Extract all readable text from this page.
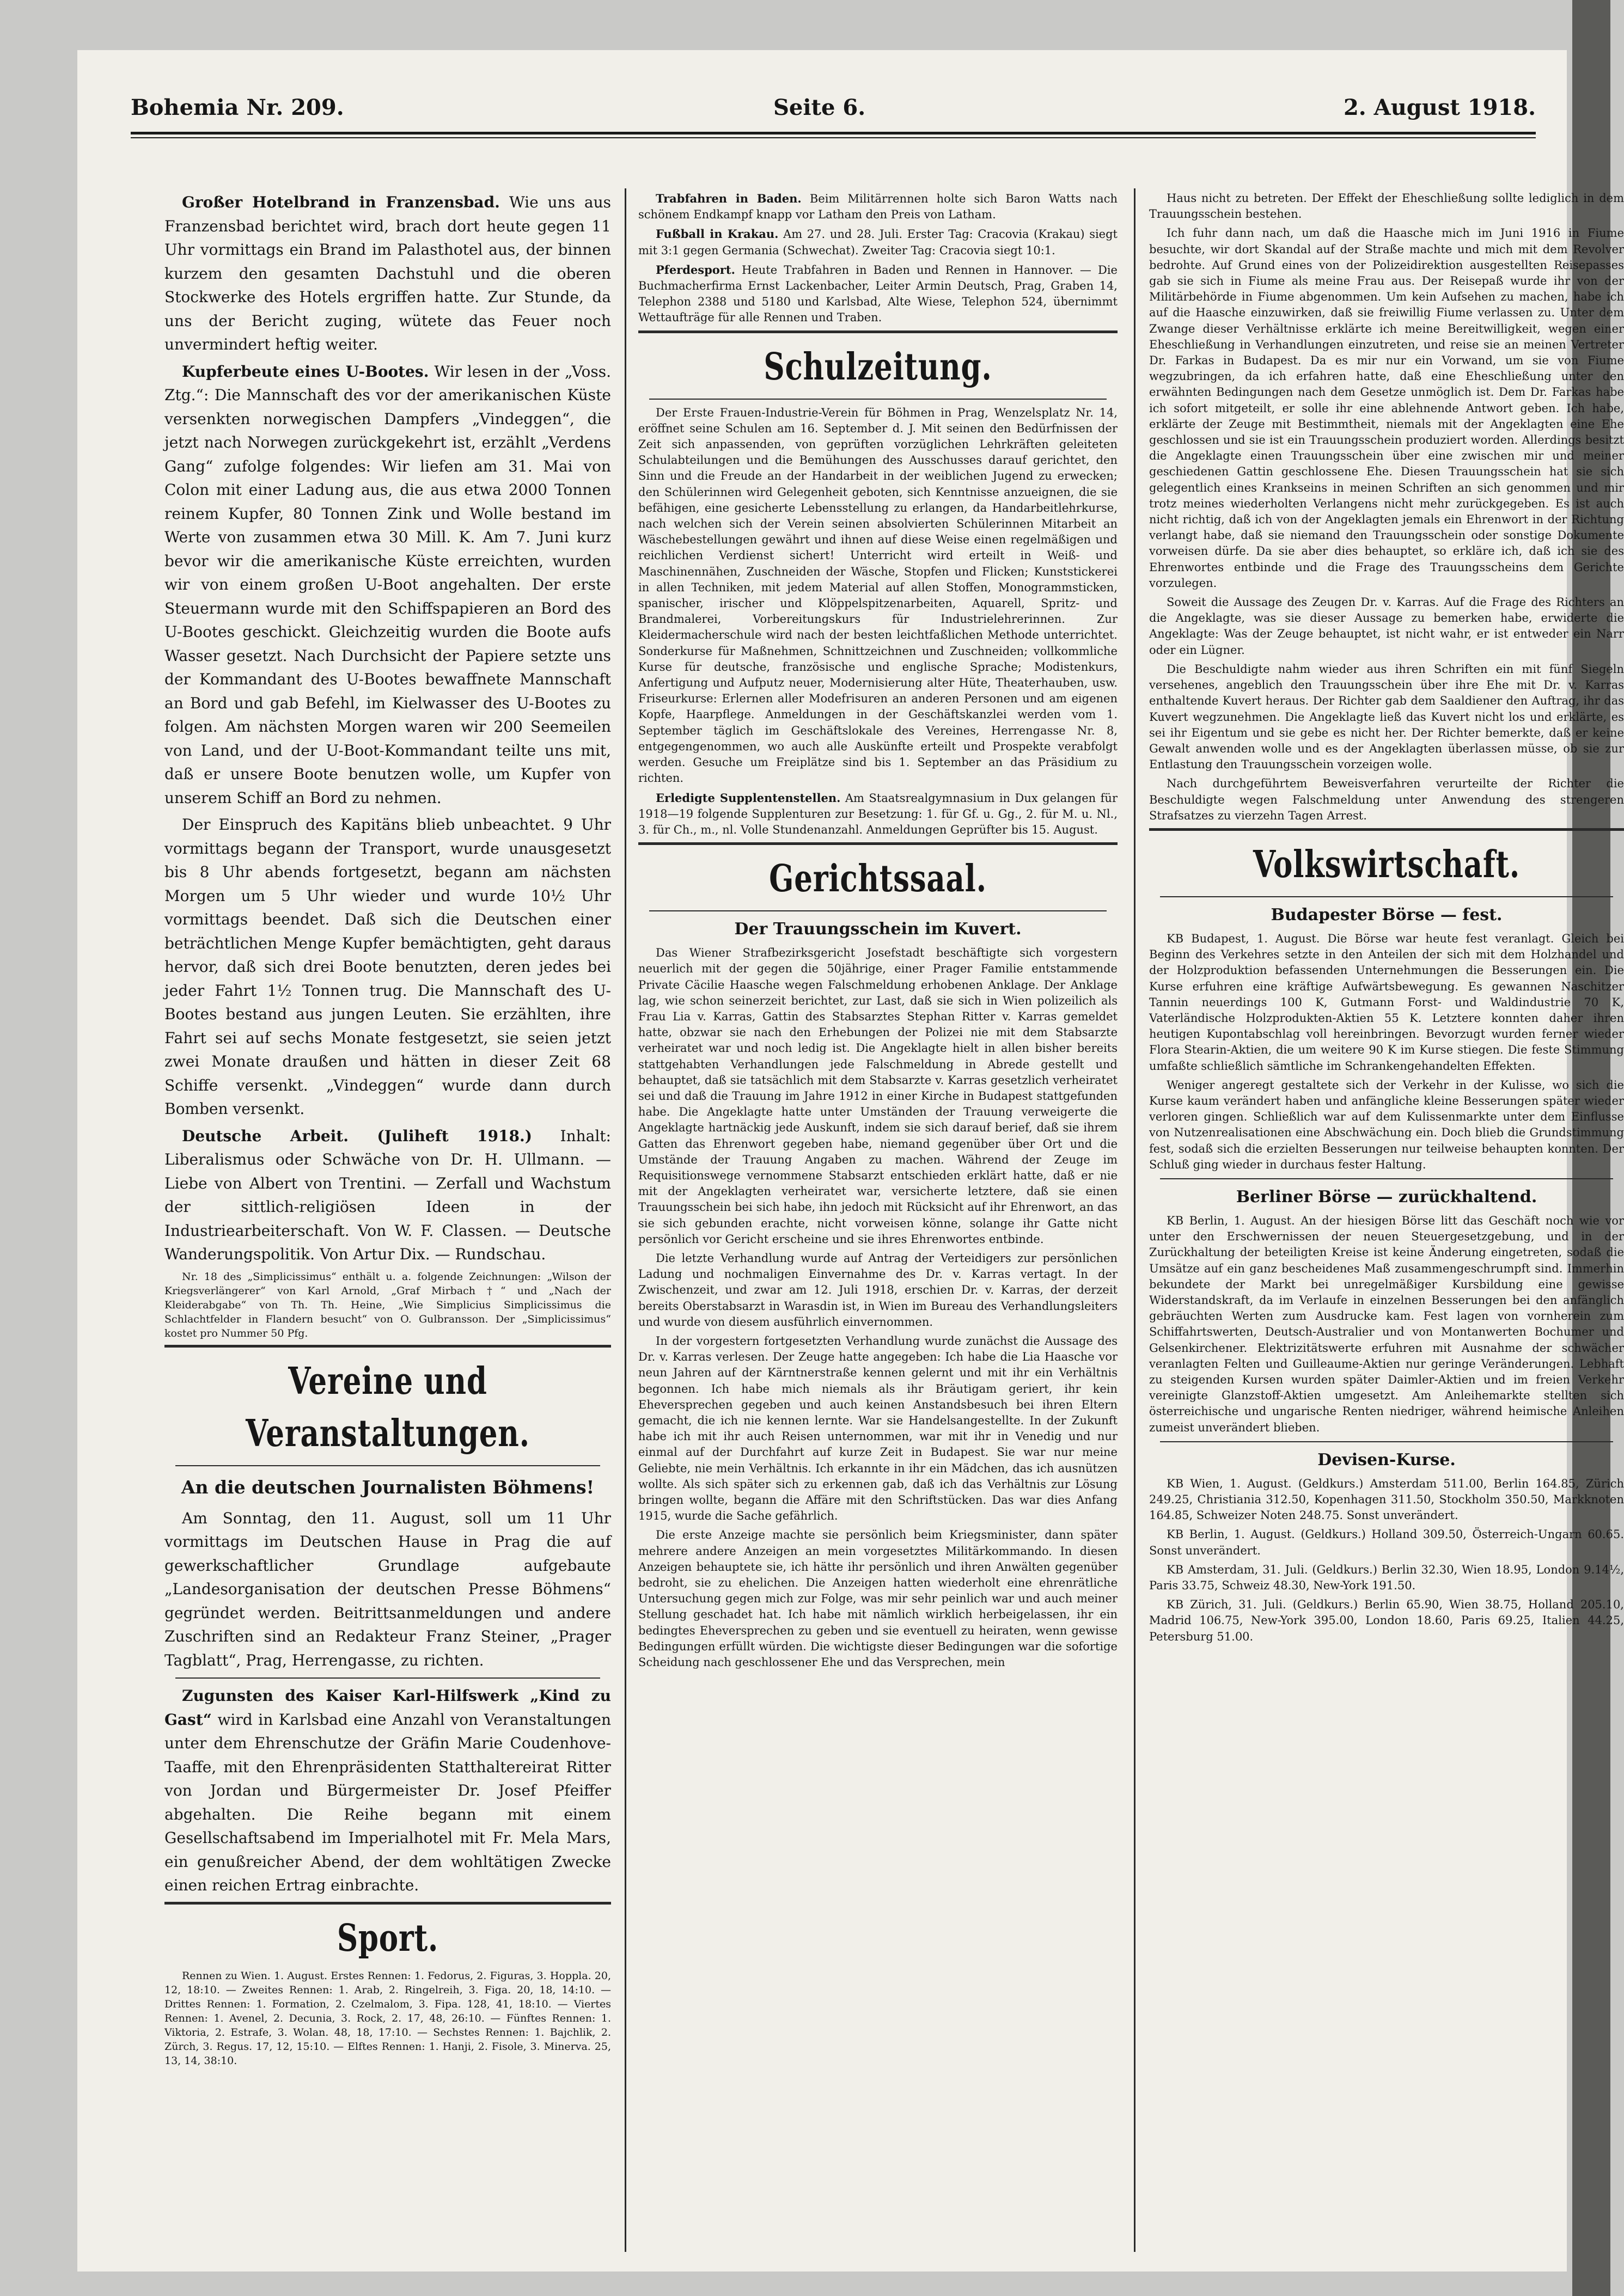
Bohemia Nr. 209.	Seite 6.	2. August 1918.

Großer Hotelbrand in Franzensbad. Wie uns aus Franzensbad berichtet wird, brach dort heute gegen 11 Uhr vormittags ein Brand im Palasthotel aus, der binnen kurzem den gesamten Dachstuhl und die oberen Stockwerke des Hotels ergriffen hatte. Zur Stunde, da uns der Bericht zuging, wütete das Feuer noch unvermindert heftig weiter.

Kupferbeute eines U-Bootes. Wir lesen in der „Voss. Ztg.“: Die Mannschaft des vor der amerikanischen Küste versenkten norwegischen Dampfers „Vindeggen“, die jetzt nach Norwegen zurückgekehrt ist, erzählt „Verdens Gang“ zufolge folgendes: Wir liefen am 31. Mai von Colon mit einer Ladung aus, die aus etwa 2000 Tonnen reinem Kupfer, 80 Tonnen Zink und Wolle bestand im Werte von zusammen etwa 30 Mill. K. Am 7. Juni kurz bevor wir die amerikanische Küste erreichten, wurden wir von einem großen U-Boot angehalten. Der erste Steuermann wurde mit den Schiffspapieren an Bord des U-Bootes geschickt. Gleichzeitig wurden die Boote aufs Wasser gesetzt. Nach Durchsicht der Papiere setzte uns der Kommandant des U-Bootes bewaffnete Mannschaft an Bord und gab Befehl, im Kielwasser des U-Bootes zu folgen. Am nächsten Morgen waren wir 200 Seemeilen von Land, und der U-Boot-Kommandant teilte uns mit, daß er unsere Boote benutzen wolle, um Kupfer von unserem Schiff an Bord zu nehmen.

Der Einspruch des Kapitäns blieb unbeachtet. 9 Uhr vormittags begann der Transport, wurde unausgesetzt bis 8 Uhr abends fortgesetzt, begann am nächsten Morgen um 5 Uhr wieder und wurde 10½ Uhr vormittags beendet. Daß sich die Deutschen einer beträchtlichen Menge Kupfer bemächtigten, geht daraus hervor, daß sich drei Boote benutzten, deren jedes bei jeder Fahrt 1½ Tonnen trug. Die Mannschaft des U-Bootes bestand aus jungen Leuten. Sie erzählten, ihre Fahrt sei auf sechs Monate festgesetzt, sie seien jetzt zwei Monate draußen und hätten in dieser Zeit 68 Schiffe versenkt. „Vindeggen“ wurde dann durch Bomben versenkt.

Deutsche Arbeit. (Juliheft 1918.) Inhalt: Liberalismus oder Schwäche von Dr. H. Ullmann. — Liebe von Albert von Trentini. — Zerfall und Wachstum der sittlich-religiösen Ideen in der Industriearbeiterschaft. Von W. F. Classen. — Deutsche Wanderungspolitik. Von Artur Dix. — Rundschau.

Nr. 18 des „Simplicissimus“ enthält u. a. folgende Zeichnungen: „Wilson der Kriegsverlängerer“ von Karl Arnold, „Graf Mirbach †“ und „Nach der Kleiderabgabe“ von Th. Th. Heine, „Wie Simplicius Simplicissimus die Schlachtfelder in Flandern besucht“ von O. Gulbransson. Der „Simplicissimus“ kostet pro Nummer 50 Pfg.

Vereine und Veranstaltungen.
An die deutschen Journalisten Böhmens!

Am Sonntag, den 11. August, soll um 11 Uhr vormittags im Deutschen Hause in Prag die auf gewerkschaftlicher Grundlage aufgebaute „Landesorganisation der deutschen Presse Böhmens“ gegründet werden. Beitrittsanmeldungen und andere Zuschriften sind an Redakteur Franz Steiner, „Prager Tagblatt“, Prag, Herrengasse, zu richten.

Zugunsten des Kaiser Karl-Hilfswerk „Kind zu Gast“ wird in Karlsbad eine Anzahl von Veranstaltungen unter dem Ehrenschutze der Gräfin Marie Coudenhove-Taaffe, mit den Ehrenpräsidenten Statthaltereirat Ritter von Jordan und Bürgermeister Dr. Josef Pfeiffer abgehalten. Die Reihe begann mit einem Gesellschaftsabend im Imperialhotel mit Fr. Mela Mars, ein genußreicher Abend, der dem wohltätigen Zwecke einen reichen Ertrag einbrachte.

Sport.

Rennen zu Wien. 1. August. Erstes Rennen: 1. Fedorus, 2. Figuras, 3. Hoppla. 20, 12, 18:10. — Zweites Rennen: 1. Arab, 2. Ringelreih, 3. Figa. 20, 18, 14:10. — Drittes Rennen: 1. Formation, 2. Czelmalom, 3. Fipa. 128, 41, 18:10. — Viertes Rennen: 1. Avenel, 2. Decunia, 3. Rock, 2. 17, 48, 26:10. — Fünftes Rennen: 1. Viktoria, 2. Estrafe, 3. Wolan. 48, 18, 17:10. — Sechstes Rennen: 1. Bajchlik, 2. Zürch, 3. Regus. 17, 12, 15:10. — Elftes Rennen: 1. Hanji, 2. Fisole, 3. Minerva. 25, 13, 14, 38:10.

Trabfahren in Baden. Beim Militärrennen holte sich Baron Watts nach schönem Endkampf knapp vor Latham den Preis von Latham.

Fußball in Krakau. Am 27. und 28. Juli. Erster Tag: Cracovia (Krakau) siegt mit 3:1 gegen Germania (Schwechat). Zweiter Tag: Cracovia siegt 10:1.

Pferdesport. Heute Trabfahren in Baden und Rennen in Hannover. — Die Buchmacherfirma Ernst Lackenbacher, Leiter Armin Deutsch, Prag, Graben 14, Telephon 2388 und 5180 und Karlsbad, Alte Wiese, Telephon 524, übernimmt Wettaufträge für alle Rennen und Traben.

Schulzeitung.

Der Erste Frauen-Industrie-Verein für Böhmen in Prag, Wenzelsplatz Nr. 14, eröffnet seine Schulen am 16. September d. J. Mit seinen den Bedürfnissen der Zeit sich anpassenden, von geprüften vorzüglichen Lehrkräften geleiteten Schulabteilungen und die Bemühungen des Ausschusses darauf gerichtet, den Sinn und die Freude an der Handarbeit in der weiblichen Jugend zu erwecken; den Schülerinnen wird Gelegenheit geboten, sich Kenntnisse anzueignen, die sie befähigen, eine gesicherte Lebensstellung zu erlangen, da Handarbeitlehrkurse, nach welchen sich der Verein seinen absolvierten Schülerinnen Mitarbeit an Wäschebestellungen gewährt und ihnen auf diese Weise einen regelmäßigen und reichlichen Verdienst sichert! Unterricht wird erteilt in Weiß- und Maschinennähen, Zuschneiden der Wäsche, Stopfen und Flicken; Kunststickerei in allen Techniken, mit jedem Material auf allen Stoffen, Monogrammsticken, spanischer, irischer und Klöppelspitzenarbeiten, Aquarell, Spritz- und Brandmalerei, Vorbereitungskurs für Industrielehrerinnen. Zur Kleidermacherschule wird nach der besten leichtfaßlichen Methode unterrichtet. Sonderkurse für Maßnehmen, Schnittzeichnen und Zuschneiden; vollkommliche Kurse für deutsche, französische und englische Sprache; Modistenkurs, Anfertigung und Aufputz neuer, Modernisierung alter Hüte, Theaterhauben, usw. Friseurkurse: Erlernen aller Modefrisuren an anderen Personen und am eigenen Kopfe, Haarpflege. Anmeldungen in der Geschäftskanzlei werden vom 1. September täglich im Geschäftslokale des Vereines, Herrengasse Nr. 8, entgegengenommen, wo auch alle Auskünfte erteilt und Prospekte verabfolgt werden. Gesuche um Freiplätze sind bis 1. September an das Präsidium zu richten.

Erledigte Supplentenstellen. Am Staatsrealgymnasium in Dux gelangen für 1918—19 folgende Supplenturen zur Besetzung: 1. für Gf. u. Gg., 2. für M. u. Nl., 3. für Ch., m., nl. Volle Stundenanzahl. Anmeldungen Geprüfter bis 15. August.

Gerichtssaal.
Der Trauungsschein im Kuvert.

Das Wiener Strafbezirksgericht Josefstadt beschäftigte sich vorgestern neuerlich mit der gegen die 50jährige, einer Prager Familie entstammende Private Cäcilie Haasche wegen Falschmeldung erhobenen Anklage. Der Anklage lag, wie schon seinerzeit berichtet, zur Last, daß sie sich in Wien polizeilich als Frau Lia v. Karras, Gattin des Stabsarztes Stephan Ritter v. Karras gemeldet hatte, obzwar sie nach den Erhebungen der Polizei nie mit dem Stabsarzte verheiratet war und noch ledig ist. Die Angeklagte hielt in allen bisher bereits stattgehabten Verhandlungen jede Falschmeldung in Abrede gestellt und behauptet, daß sie tatsächlich mit dem Stabsarzte v. Karras gesetzlich verheiratet sei und daß die Trauung im Jahre 1912 in einer Kirche in Budapest stattgefunden habe. Die Angeklagte hatte unter Umständen der Trauung verweigerte die Angeklagte hartnäckig jede Auskunft, indem sie sich darauf berief, daß sie ihrem Gatten das Ehrenwort gegeben habe, niemand gegenüber über Ort und die Umstände der Trauung Angaben zu machen. Während der Zeuge im Requisitionswege vernommene Stabsarzt entschieden erklärt hatte, daß er nie mit der Angeklagten verheiratet war, versicherte letztere, daß sie einen Trauungsschein bei sich habe, ihn jedoch mit Rücksicht auf ihr Ehrenwort, an das sie sich gebunden erachte, nicht vorweisen könne, solange ihr Gatte nicht persönlich vor Gericht erscheine und sie ihres Ehrenwortes entbinde.

Die letzte Verhandlung wurde auf Antrag der Verteidigers zur persönlichen Ladung und nochmaligen Einvernahme des Dr. v. Karras vertagt. In der Zwischenzeit, und zwar am 12. Juli 1918, erschien Dr. v. Karras, der derzeit bereits Oberstabsarzt in Warasdin ist, in Wien im Bureau des Verhandlungsleiters und wurde von diesem ausführlich einvernommen.

In der vorgestern fortgesetzten Verhandlung wurde zunächst die Aussage des Dr. v. Karras verlesen. Der Zeuge hatte angegeben: Ich habe die Lia Haasche vor neun Jahren auf der Kärntnerstraße kennen gelernt und mit ihr ein Verhältnis begonnen. Ich habe mich niemals als ihr Bräutigam geriert, ihr kein Eheversprechen gegeben und auch keinen Anstandsbesuch bei ihren Eltern gemacht, die ich nie kennen lernte. War sie Handelsangestellte. In der Zukunft habe ich mit ihr auch Reisen unternommen, war mit ihr in Venedig und nur einmal auf der Durchfahrt auf kurze Zeit in Budapest. Sie war nur meine Geliebte, nie mein Verhältnis. Ich erkannte in ihr ein Mädchen, das ich ausnützen wollte. Als sich später sich zu erkennen gab, daß ich das Verhältnis zur Lösung bringen wollte, begann die Affäre mit den Schriftstücken. Das war dies Anfang 1915, wurde die Sache gefährlich.

Die erste Anzeige machte sie persönlich beim Kriegsminister, dann später mehrere andere Anzeigen an mein vorgesetztes Militärkommando. In diesen Anzeigen behauptete sie, ich hätte ihr persönlich und ihren Anwälten gegenüber bedroht, sie zu ehelichen. Die Anzeigen hatten wiederholt eine ehrenrätliche Untersuchung gegen mich zur Folge, was mir sehr peinlich war und auch meiner Stellung geschadet hat. Ich habe mit nämlich wirklich herbeigelassen, ihr ein bedingtes Eheversprechen zu geben und sie eventuell zu heiraten, wenn gewisse Bedingungen erfüllt würden. Die wichtigste dieser Bedingungen war die sofortige Scheidung nach geschlossener Ehe und das Versprechen, mein

Haus nicht zu betreten. Der Effekt der Eheschließung sollte lediglich in dem Trauungsschein bestehen.

Ich fuhr dann nach, um daß die Haasche mich im Juni 1916 in Fiume besuchte, wir dort Skandal auf der Straße machte und mich mit dem Revolver bedrohte. Auf Grund eines von der Polizeidirektion ausgestellten Reisepasses gab sie sich in Fiume als meine Frau aus. Der Reisepaß wurde ihr von der Militärbehörde in Fiume abgenommen. Um kein Aufsehen zu machen, habe ich auf die Haasche einzuwirken, daß sie freiwillig Fiume verlassen zu. Unter dem Zwange dieser Verhältnisse erklärte ich meine Bereitwilligkeit, wegen einer Eheschließung in Verhandlungen einzutreten, und reise sie an meinen Vertreter Dr. Farkas in Budapest. Da es mir nur ein Vorwand, um sie von Fiume wegzubringen, da ich erfahren hatte, daß eine Eheschließung unter den erwähnten Bedingungen nach dem Gesetze unmöglich ist. Dem Dr. Farkas habe ich sofort mitgeteilt, er solle ihr eine ablehnende Antwort geben. Ich habe, erklärte der Zeuge mit Bestimmtheit, niemals mit der Angeklagten eine Ehe geschlossen und sie ist ein Trauungsschein produziert worden. Allerdings besitzt die Angeklagte einen Trauungsschein über eine zwischen mir und meiner geschiedenen Gattin geschlossene Ehe. Diesen Trauungsschein hat sie sich gelegentlich eines Krankseins in meinen Schriften an sich genommen und mir trotz meines wiederholten Verlangens nicht mehr zurückgegeben. Es ist auch nicht richtig, daß ich von der Angeklagten jemals ein Ehrenwort in der Richtung verlangt habe, daß sie niemand den Trauungsschein oder sonstige Dokumente vorweisen dürfe. Da sie aber dies behauptet, so erkläre ich, daß ich sie des Ehrenwortes entbinde und die Frage des Trauungsscheins dem Gerichte vorzulegen.

Soweit die Aussage des Zeugen Dr. v. Karras. Auf die Frage des Richters an die Angeklagte, was sie dieser Aussage zu bemerken habe, erwiderte die Angeklagte: Was der Zeuge behauptet, ist nicht wahr, er ist entweder ein Narr oder ein Lügner.

Die Beschuldigte nahm wieder aus ihren Schriften ein mit fünf Siegeln versehenes, angeblich den Trauungsschein über ihre Ehe mit Dr. v. Karras enthaltende Kuvert heraus. Der Richter gab dem Saaldiener den Auftrag, ihr das Kuvert wegzunehmen. Die Angeklagte ließ das Kuvert nicht los und erklärte, es sei ihr Eigentum und sie gebe es nicht her. Der Richter bemerkte, daß er keine Gewalt anwenden wolle und es der Angeklagten überlassen müsse, ob sie zur Entlastung den Trauungsschein vorzeigen wolle.

Nach durchgeführtem Beweisverfahren verurteilte der Richter die Beschuldigte wegen Falschmeldung unter Anwendung des strengeren Strafsatzes zu vierzehn Tagen Arrest.

Volkswirtschaft.
Budapester Börse — fest.

KB Budapest, 1. August. Die Börse war heute fest veranlagt. Gleich bei Beginn des Verkehres setzte in den Anteilen der sich mit dem Holzhandel und der Holzproduktion befassenden Unternehmungen die Besserungen ein. Die Kurse erfuhren eine kräftige Aufwärtsbewegung. Es gewannen Naschitzer Tannin neuerdings 100 K, Gutmann Forst- und Waldindustrie 70 K, Vaterländische Holzprodukten-Aktien 55 K. Letztere konnten daher ihren heutigen Kupontabschlag voll hereinbringen. Bevorzugt wurden ferner wieder Flora Stearin-Aktien, die um weitere 90 K im Kurse stiegen. Die feste Stimmung umfaßte schließlich sämtliche im Schrankengehandelten Effekten.

Weniger angeregt gestaltete sich der Verkehr in der Kulisse, wo sich die Kurse kaum verändert haben und anfängliche kleine Besserungen später wieder verloren gingen. Schließlich war auf dem Kulissenmarkte unter dem Einflusse von Nutzenrealisationen eine Abschwächung ein. Doch blieb die Grundstimmung fest, sodaß sich die erzielten Besserungen nur teilweise behaupten konnten. Der Schluß ging wieder in durchaus fester Haltung.

Berliner Börse — zurückhaltend.

KB Berlin, 1. August. An der hiesigen Börse litt das Geschäft noch wie vor unter den Erschwernissen der neuen Steuergesetzgebung, und in der Zurückhaltung der beteiligten Kreise ist keine Änderung eingetreten, sodaß die Umsätze auf ein ganz bescheidenes Maß zusammengeschrumpft sind. Immerhin bekundete der Markt bei unregelmäßiger Kursbildung eine gewisse Widerstandskraft, da im Verlaufe in einzelnen Besserungen bei den anfänglich gebräuchten Werten zum Ausdrucke kam. Fest lagen von vornherein zum Schiffahrtswerten, Deutsch-Australier und von Montanwerten Bochumer und Gelsenkirchener. Elektrizitätswerte erfuhren mit Ausnahme der schwächer veranlagten Felten und Guilleaume-Aktien nur geringe Veränderungen. Lebhaft zu steigenden Kursen wurden später Daimler-Aktien und im freien Verkehr vereinigte Glanzstoff-Aktien umgesetzt. Am Anleihemarkte stellten sich österreichische und ungarische Renten niedriger, während heimische Anleihen zumeist unverändert blieben.

Devisen-Kurse.

KB Wien, 1. August. (Geldkurs.) Amsterdam 511.00, Berlin 164.85, Zürich 249.25, Christiania 312.50, Kopenhagen 311.50, Stockholm 350.50, Markknoten 164.85, Schweizer Noten 248.75. Sonst unverändert.

KB Berlin, 1. August. (Geldkurs.) Holland 309.50, Österreich-Ungarn 60.65. Sonst unverändert.

KB Amsterdam, 31. Juli. (Geldkurs.) Berlin 32.30, Wien 18.95, London 9.14½, Paris 33.75, Schweiz 48.30, New-York 191.50.

KB Zürich, 31. Juli. (Geldkurs.) Berlin 65.90, Wien 38.75, Holland 205.10, Madrid 106.75, New-York 395.00, London 18.60, Paris 69.25, Italien 44.25, Petersburg 51.00.
